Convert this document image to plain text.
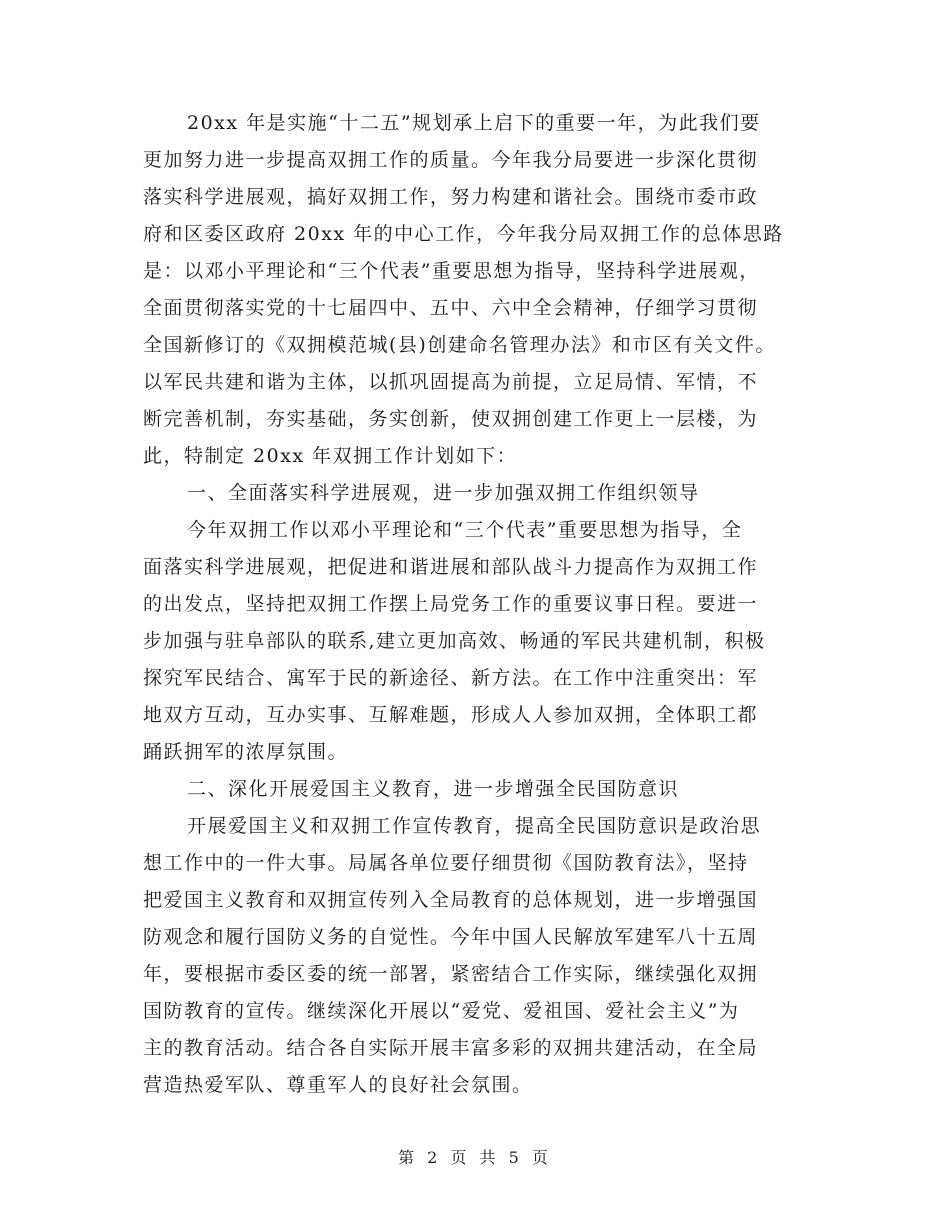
20xx 年是实施“十二五”规划承上启下的重要一年，为此我们要
更加努力进一步提高双拥工作的质量。今年我分局要进一步深化贯彻
落实科学进展观，搞好双拥工作，努力构建和谐社会。围绕市委市政
府和区委区政府 20xx 年的中心工作，今年我分局双拥工作的总体思路
是：以邓小平理论和“三个代表”重要思想为指导，坚持科学进展观，
全面贯彻落实党的十七届四中、五中、六中全会精神，仔细学习贯彻
全国新修订的《双拥模范城(县)创建命名管理办法》和市区有关文件。
以军民共建和谐为主体，以抓巩固提高为前提，立足局情、军情，不
断完善机制，夯实基础，务实创新，使双拥创建工作更上一层楼，为
此，特制定 20xx 年双拥工作计划如下：
一、全面落实科学进展观，进一步加强双拥工作组织领导
今年双拥工作以邓小平理论和“三个代表”重要思想为指导，全
面落实科学进展观，把促进和谐进展和部队战斗力提高作为双拥工作
的出发点，坚持把双拥工作摆上局党务工作的重要议事日程。要进一
步加强与驻阜部队的联系,建立更加高效、畅通的军民共建机制，积极
探究军民结合、寓军于民的新途径、新方法。在工作中注重突出：军
地双方互动，互办实事、互解难题，形成人人参加双拥，全体职工都
踊跃拥军的浓厚氛围。
二、深化开展爱国主义教育，进一步增强全民国防意识
开展爱国主义和双拥工作宣传教育，提高全民国防意识是政治思
想工作中的一件大事。局属各单位要仔细贯彻《国防教育法》，坚持
把爱国主义教育和双拥宣传列入全局教育的总体规划，进一步增强国
防观念和履行国防义务的自觉性。今年中国人民解放军建军八十五周
年，要根据市委区委的统一部署，紧密结合工作实际，继续强化双拥
国防教育的宣传。继续深化开展以“爱党、爱祖国、爱社会主义”为
主的教育活动。结合各自实际开展丰富多彩的双拥共建活动，在全局
营造热爱军队、尊重军人的良好社会氛围。
第 2 页 共 5 页
